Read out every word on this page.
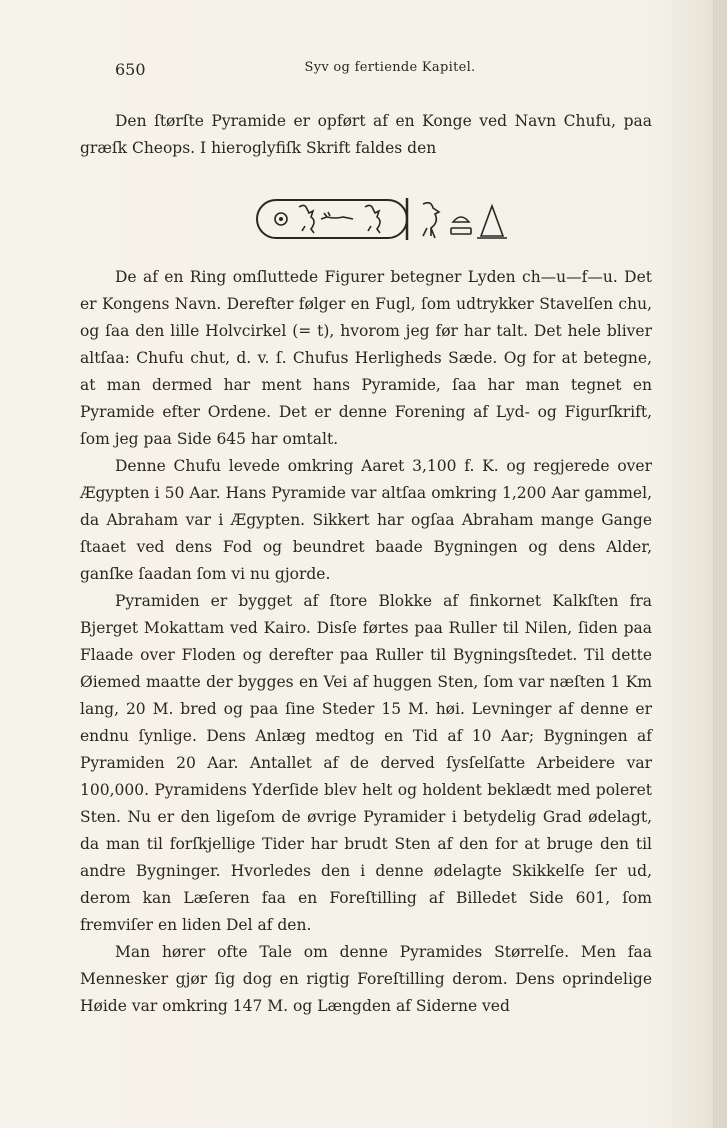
650	Syv og fertiende Kapitel.

Den ſtørſte Pyramide er opført af en Konge ved Navn Chufu, paa græſk Cheops. I hieroglyfiſk Skrift faldes den

De af en Ring omſluttede Figurer betegner Lyden ch—u—f—u. Det er Kongens Navn. Derefter følger en Fugl, ſom udtrykker Stavelſen chu, og ſaa den lille Holvcirkel (= t), hvorom jeg før har talt. Det hele bliver altſaa: Chufu chut, d. v. ſ. Chufus Herligheds Sæde. Og for at betegne, at man dermed har ment hans Pyramide, ſaa har man tegnet en Pyramide efter Ordene. Det er denne Forening af Lyd- og Figurſkrift, ſom jeg paa Side 645 har omtalt.

Denne Chufu levede omkring Aaret 3,100 f. K. og regjerede over Ægypten i 50 Aar. Hans Pyramide var altſaa omkring 1,200 Aar gammel, da Abraham var i Ægypten. Sikkert har ogſaa Abraham mange Gange ſtaaet ved dens Fod og beundret baade Bygningen og dens Alder, ganſke ſaadan ſom vi nu gjorde.

Pyramiden er bygget af ſtore Blokke af finkornet Kalkſten fra Bjerget Mokattam ved Kairo. Disſe førtes paa Ruller til Nilen, ſiden paa Flaade over Floden og derefter paa Ruller til Bygningsſtedet. Til dette Øiemed maatte der bygges en Vei af huggen Sten, ſom var næſten 1 Km lang, 20 M. bred og paa ſine Steder 15 M. høi. Levninger af denne er endnu ſynlige. Dens Anlæg medtog en Tid af 10 Aar; Bygningen af Pyramiden 20 Aar. Antallet af de derved ſysſelſatte Arbeidere var 100,000. Pyramidens Yderſide blev helt og holdent beklædt med poleret Sten. Nu er den ligeſom de øvrige Pyramider i betydelig Grad ødelagt, da man til forſkjellige Tider har brudt Sten af den for at bruge den til andre Bygninger. Hvorledes den i denne ødelagte Skikkelſe ſer ud, derom kan Læſeren faa en Foreſtilling af Billedet Side 601, ſom fremviſer en liden Del af den.

Man hører ofte Tale om denne Pyramides Størrelſe. Men faa Mennesker gjør ſig dog en rigtig Foreſtilling derom. Dens oprindelige Høide var omkring 147 M. og Længden af Siderne ved
